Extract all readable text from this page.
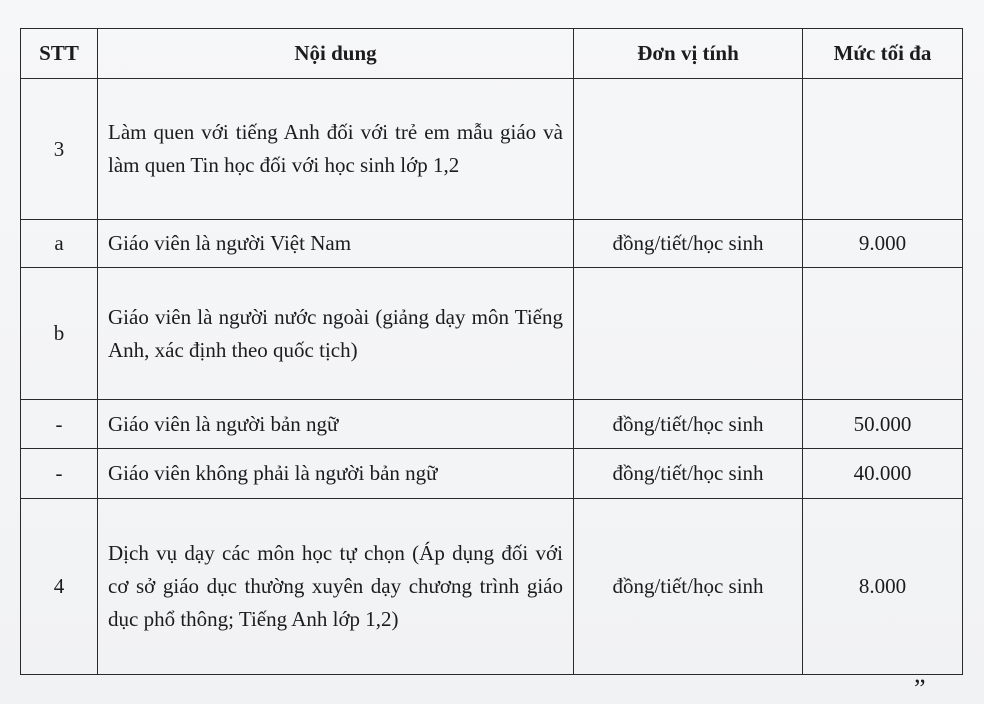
STT	Nội dung	Đơn vị tính	Mức tối đa
3	Làm quen với tiếng Anh đối với trẻ em mẫu giáo và làm quen Tin học đối với học sinh lớp 1,2		
a	Giáo viên là người Việt Nam	đồng/tiết/học sinh	9.000
b	Giáo viên là người nước ngoài (giảng dạy môn Tiếng Anh, xác định theo quốc tịch)		
-	Giáo viên là người bản ngữ	đồng/tiết/học sinh	50.000
-	Giáo viên không phải là người bản ngữ	đồng/tiết/học sinh	40.000
4	Dịch vụ dạy các môn học tự chọn (Áp dụng đối với cơ sở giáo dục thường xuyên dạy chương trình giáo dục phổ thông; Tiếng Anh lớp 1,2)	đồng/tiết/học sinh	8.000
”
